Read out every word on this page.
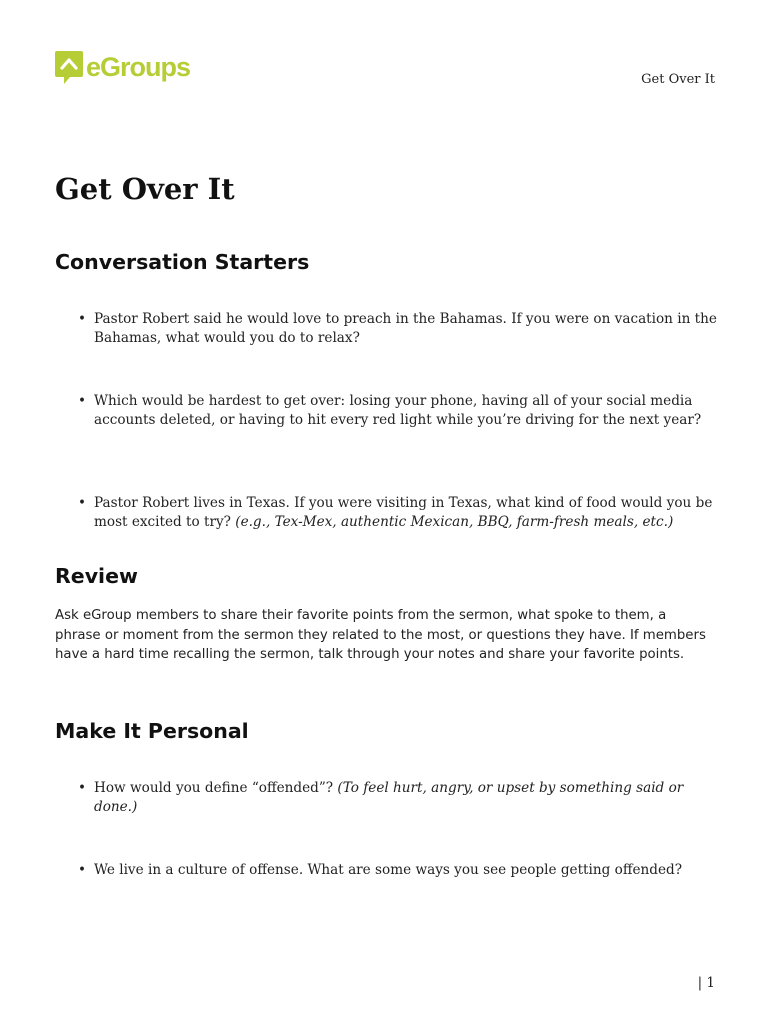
eGroups	Get Over It
Get Over It
Conversation Starters
• Pastor Robert said he would love to preach in the Bahamas. If you were on vacation in the Bahamas, what would you do to relax?
• Which would be hardest to get over: losing your phone, having all of your social media accounts deleted, or having to hit every red light while you’re driving for the next year?
• Pastor Robert lives in Texas. If you were visiting in Texas, what kind of food would you be most excited to try? (e.g., Tex-Mex, authentic Mexican, BBQ, farm-fresh meals, etc.)
Review
Ask eGroup members to share their favorite points from the sermon, what spoke to them, a phrase or moment from the sermon they related to the most, or questions they have. If members have a hard time recalling the sermon, talk through your notes and share your favorite points.
Make It Personal
• How would you define “offended”? (To feel hurt, angry, or upset by something said or done.)
• We live in a culture of offense. What are some ways you see people getting offended?
| 1
